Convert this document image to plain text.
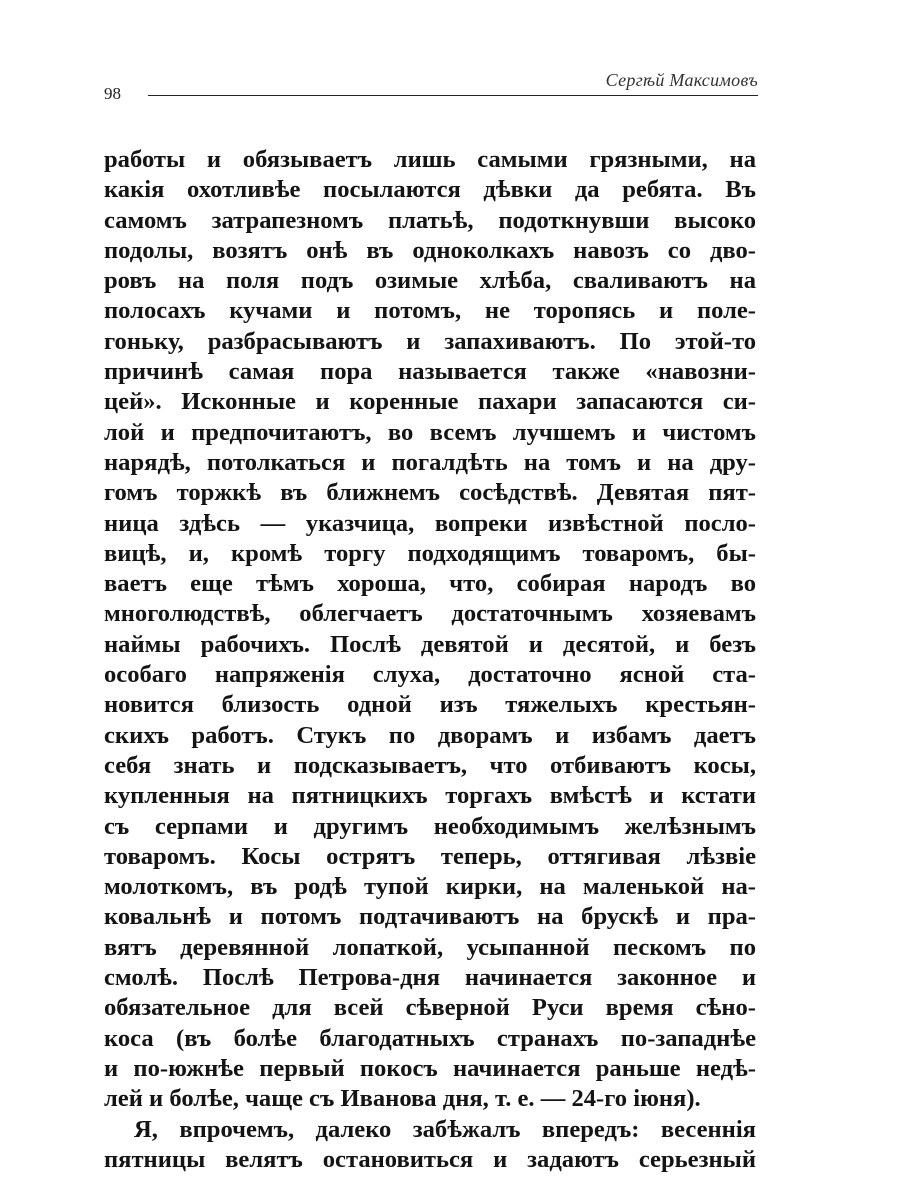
98
Сергѣй Максимовъ
работы и обязываетъ лишь самыми грязными, на
какія охотливѣе посылаются дѣвки да ребята. Въ
самомъ затрапезномъ платьѣ, подоткнувши высоко
подолы, возятъ онѣ въ одноколкахъ навозъ со дво-
ровъ на поля подъ озимые хлѣба, сваливаютъ на
полосахъ кучами и потомъ, не торопясь и поле-
гоньку, разбрасываютъ и запахиваютъ. По этой-то
причинѣ самая пора называется также «навозни-
цей». Исконные и коренные пахари запасаются си-
лой и предпочитаютъ, во всемъ лучшемъ и чистомъ
нарядѣ, потолкаться и погалдѣть на томъ и на дру-
гомъ торжкѣ въ ближнемъ сосѣдствѣ. Девятая пят-
ница здѣсь — указчица, вопреки извѣстной посло-
вицѣ, и, кромѣ торгу подходящимъ товаромъ, бы-
ваетъ еще тѣмъ хороша, что, собирая народъ во
многолюдствѣ, облегчаетъ достаточнымъ хозяевамъ
наймы рабочихъ. Послѣ девятой и десятой, и безъ
особаго напряженія слуха, достаточно ясной ста-
новится близость одной изъ тяжелыхъ крестьян-
скихъ работъ. Стукъ по дворамъ и избамъ даетъ
себя знать и подсказываетъ, что отбиваютъ косы,
купленныя на пятницкихъ торгахъ вмѣстѣ и кстати
съ серпами и другимъ необходимымъ желѣзнымъ
товаромъ. Косы острятъ теперь, оттягивая лѣзвіе
молоткомъ, въ родѣ тупой кирки, на маленькой на-
ковальнѣ и потомъ подтачиваютъ на брускѣ и пра-
вятъ деревянной лопаткой, усыпанной пескомъ по
смолѣ. Послѣ Петрова-дня начинается законное и
обязательное для всей сѣверной Руси время сѣно-
коса (въ болѣе благодатныхъ странахъ по-западнѣе
и по-южнѣе первый покосъ начинается раньше недѣ-
лей и болѣе, чаще съ Иванова дня, т. е. — 24-го іюня).
Я, впрочемъ, далеко забѣжалъ впередъ: весеннія
пятницы велятъ остановиться и задаютъ серьезный
